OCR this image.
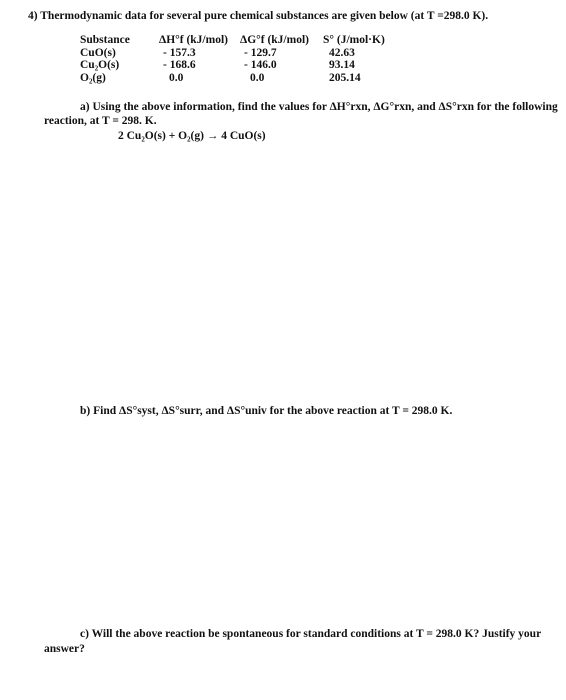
4) Thermodynamic data for several pure chemical substances are given below (at T =298.0 K).
Substance
CuO(s)
Cu₂O(s)
O₂(g)
ΔH°f (kJ/mol)
- 157.3
- 168.6
0.0
ΔG°f (kJ/mol)
- 129.7
- 146.0
0.0
S° (J/mol·K)
42.63
93.14
205.14
a) Using the above information, find the values for ΔH°rxn, ΔG°rxn, and ΔS°rxn for the following
reaction, at T = 298. K.
2 Cu₂O(s) + O₂(g) → 4 CuO(s)
b) Find ΔS°syst, ΔS°surr, and ΔS°univ for the above reaction at T = 298.0 K.
c) Will the above reaction be spontaneous for standard conditions at T = 298.0 K? Justify your
answer?
